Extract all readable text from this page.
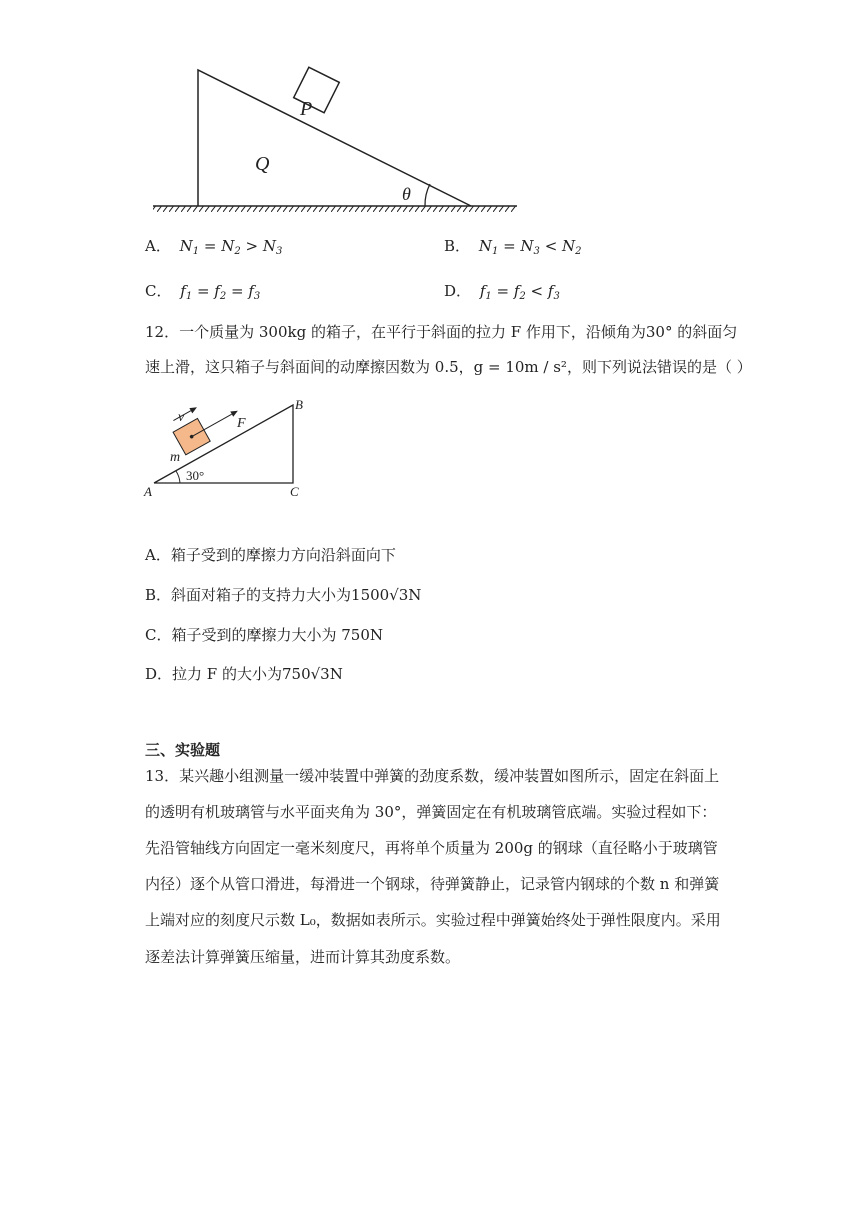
P
Q
θ
A． $N_1 = N_2 > N_3$	B． $N_1 = N_3 < N_2$
C． $f_1 = f_2 = f_3$	D． $f_1 = f_2 < f_3$
12．一个质量为 300kg 的箱子，在平行于斜面的拉力 F 作用下，沿倾角为30° 的斜面匀
速上滑，这只箱子与斜面间的动摩擦因数为 0.5，g = 10m / s²，则下列说法错误的是（ ）
v	F
m
30°
A
B
C
A．箱子受到的摩擦力方向沿斜面向下
B．斜面对箱子的支持力大小为1500√3N
C．箱子受到的摩擦力大小为 750N
D．拉力 F 的大小为750√3N
三、实验题
13．某兴趣小组测量一缓冲装置中弹簧的劲度系数，缓冲装置如图所示，固定在斜面上
的透明有机玻璃管与水平面夹角为 30°，弹簧固定在有机玻璃管底端。实验过程如下：
先沿管轴线方向固定一毫米刻度尺，再将单个质量为 200g 的钢球（直径略小于玻璃管
内径）逐个从管口滑进，每滑进一个钢球，待弹簧静止，记录管内钢球的个数 n 和弹簧
上端对应的刻度尺示数 L₀，数据如表所示。实验过程中弹簧始终处于弹性限度内。采用
逐差法计算弹簧压缩量，进而计算其劲度系数。
